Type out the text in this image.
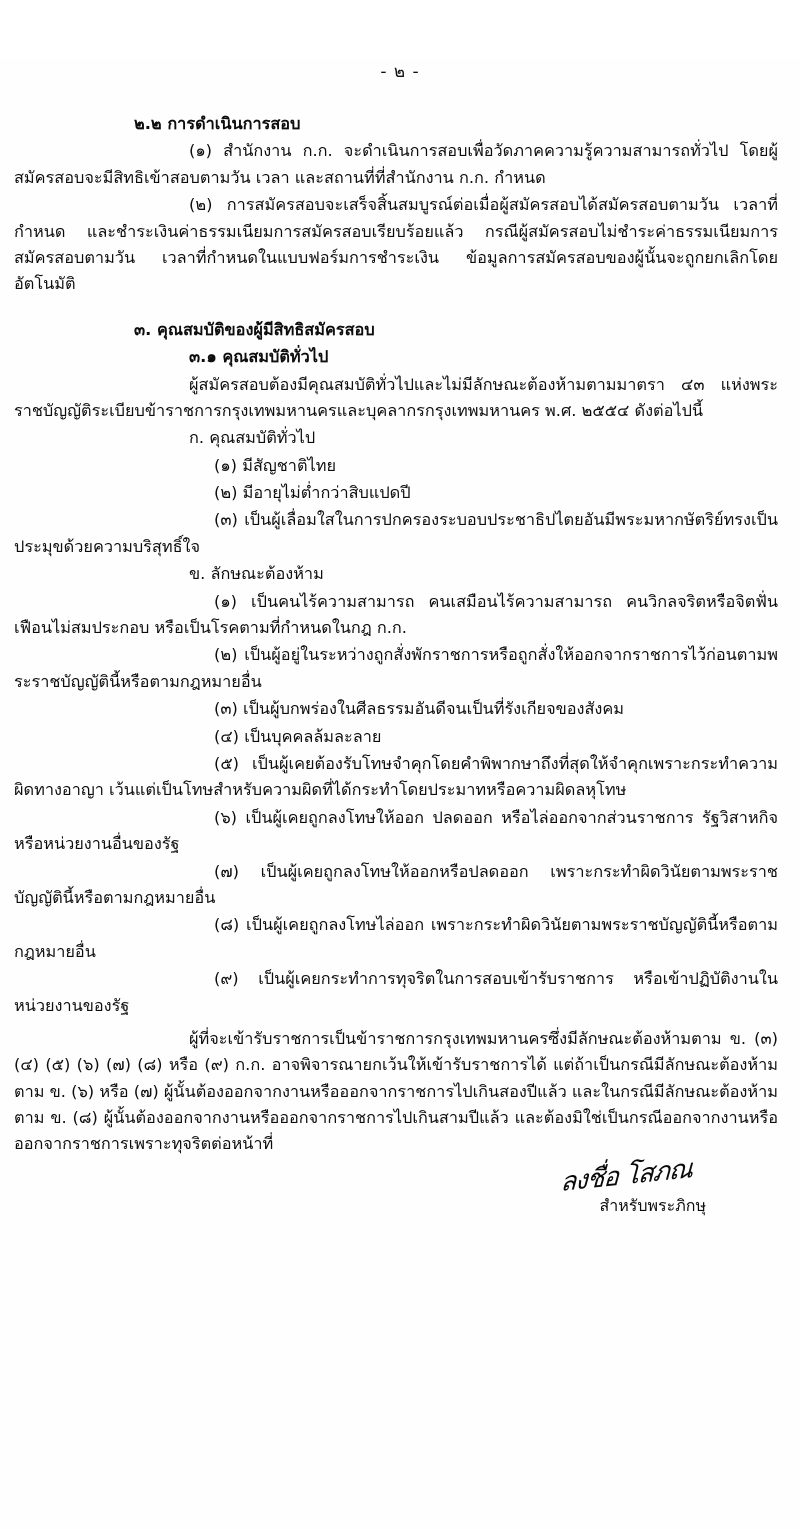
- ๒ -

๒.๒ การดำเนินการสอบ

(๑) สำนักงาน ก.ก. จะดำเนินการสอบเพื่อวัดภาคความรู้ความสามารถทั่วไป โดยผู้สมัครสอบจะมีสิทธิเข้าสอบตามวัน เวลา และสถานที่ที่สำนักงาน ก.ก. กำหนด

(๒) การสมัครสอบจะเสร็จสิ้นสมบูรณ์ต่อเมื่อผู้สมัครสอบได้สมัครสอบตามวัน เวลาที่กำหนด และชำระเงินค่าธรรมเนียมการสมัครสอบเรียบร้อยแล้ว กรณีผู้สมัครสอบไม่ชำระค่าธรรมเนียมการสมัครสอบตามวัน เวลาที่กำหนดในแบบฟอร์มการชำระเงิน ข้อมูลการสมัครสอบของผู้นั้นจะถูกยกเลิกโดยอัตโนมัติ

๓. คุณสมบัติของผู้มีสิทธิสมัครสอบ

๓.๑ คุณสมบัติทั่วไป

ผู้สมัครสอบต้องมีคุณสมบัติทั่วไปและไม่มีลักษณะต้องห้ามตามมาตรา ๔๓ แห่งพระราชบัญญัติระเบียบข้าราชการกรุงเทพมหานครและบุคลากรกรุงเทพมหานคร พ.ศ. ๒๕๕๔ ดังต่อไปนี้

ก. คุณสมบัติทั่วไป

(๑) มีสัญชาติไทย

(๒) มีอายุไม่ต่ำกว่าสิบแปดปี

(๓) เป็นผู้เลื่อมใสในการปกครองระบอบประชาธิปไตยอันมีพระมหากษัตริย์ทรงเป็นประมุขด้วยความบริสุทธิ์ใจ

ข. ลักษณะต้องห้าม

(๑) เป็นคนไร้ความสามารถ คนเสมือนไร้ความสามารถ คนวิกลจริตหรือจิตฟั่นเฟือนไม่สมประกอบ หรือเป็นโรคตามที่กำหนดในกฎ ก.ก.

(๒) เป็นผู้อยู่ในระหว่างถูกสั่งพักราชการหรือถูกสั่งให้ออกจากราชการไว้ก่อนตามพระราชบัญญัตินี้หรือตามกฎหมายอื่น

(๓) เป็นผู้บกพร่องในศีลธรรมอันดีจนเป็นที่รังเกียจของสังคม

(๔) เป็นบุคคลล้มละลาย

(๕) เป็นผู้เคยต้องรับโทษจำคุกโดยคำพิพากษาถึงที่สุดให้จำคุกเพราะกระทำความผิดทางอาญา เว้นแต่เป็นโทษสำหรับความผิดที่ได้กระทำโดยประมาทหรือความผิดลหุโทษ

(๖) เป็นผู้เคยถูกลงโทษให้ออก ปลดออก หรือไล่ออกจากส่วนราชการ รัฐวิสาหกิจ หรือหน่วยงานอื่นของรัฐ

(๗) เป็นผู้เคยถูกลงโทษให้ออกหรือปลดออก เพราะกระทำผิดวินัยตามพระราชบัญญัตินี้หรือตามกฎหมายอื่น

(๘) เป็นผู้เคยถูกลงโทษไล่ออก เพราะกระทำผิดวินัยตามพระราชบัญญัตินี้หรือตามกฎหมายอื่น

(๙) เป็นผู้เคยกระทำการทุจริตในการสอบเข้ารับราชการ หรือเข้าปฏิบัติงานในหน่วยงานของรัฐ

ผู้ที่จะเข้ารับราชการเป็นข้าราชการกรุงเทพมหานครซึ่งมีลักษณะต้องห้ามตาม ข. (๓) (๔) (๕) (๖) (๗) (๘) หรือ (๙) ก.ก. อาจพิจารณายกเว้นให้เข้ารับราชการได้ แต่ถ้าเป็นกรณีมีลักษณะต้องห้ามตาม ข. (๖) หรือ (๗) ผู้นั้นต้องออกจากงานหรือออกจากราชการไปเกินสองปีแล้ว และในกรณีมีลักษณะต้องห้ามตาม ข. (๘) ผู้นั้นต้องออกจากงานหรือออกจากราชการไปเกินสามปีแล้ว และต้องมิใช่เป็นกรณีออกจากงานหรือออกจากราชการเพราะทุจริตต่อหน้าที่

ลงชื่อ โสภณ
สำหรับพระภิกษุ
